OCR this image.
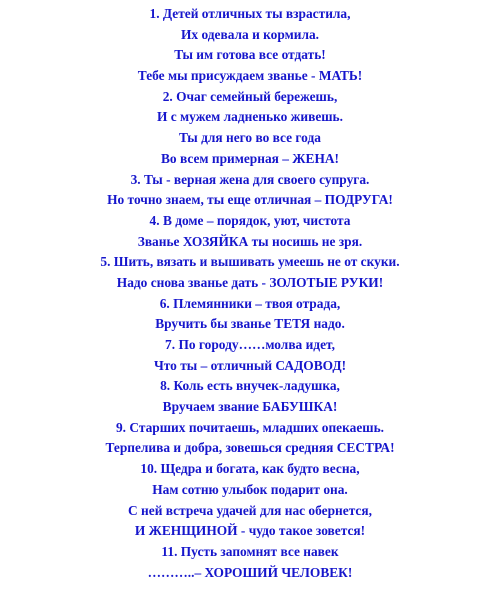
1. Детей отличных ты взрастила,
Их одевала и кормила.
Ты им готова все отдать!
Тебе мы присуждаем званье - МАТЬ!
2. Очаг семейный бережешь,
И с мужем ладненько живешь.
Ты для него во все года
Во всем примерная – ЖЕНА!
3. Ты - верная жена для своего супруга.
Но точно знаем, ты еще отличная – ПОДРУГА!
4. В доме – порядок, уют, чистота
Званье ХОЗЯЙКА ты носишь не зря.
5. Шить, вязать и вышивать умеешь не от скуки.
Надо снова званье дать - ЗОЛОТЫЕ РУКИ!
6. Племянники – твоя отрада,
Вручить бы званье ТЕТЯ надо.
7. По городу……молва идет,
Что ты – отличный САДОВОД!
8. Коль есть внучек-ладушка,
Вручаем звание БАБУШКА!
9. Старших почитаешь, младших опекаешь.
Терпелива и добра, зовешься средняя СЕСТРА!
10. Щедра и богата, как будто весна,
Нам сотню улыбок подарит она.
С ней встреча удачей для нас обернется,
И ЖЕНЩИНОЙ - чудо такое зовется!
11. Пусть запомнят все навек
………..– ХОРОШИЙ ЧЕЛОВЕК!
